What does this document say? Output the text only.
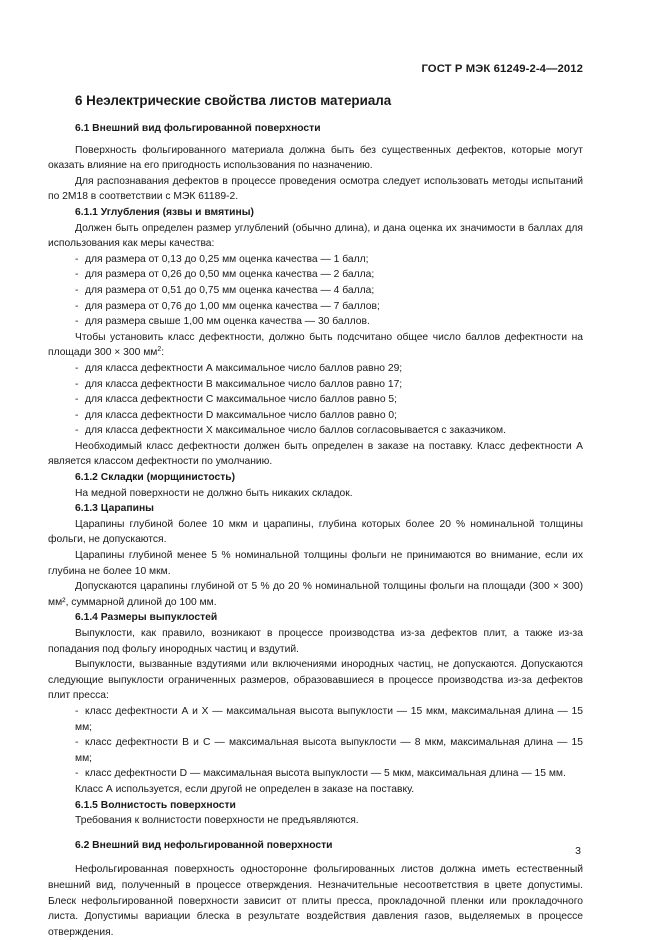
ГОСТ Р МЭК 61249-2-4—2012
6 Неэлектрические свойства листов материала
6.1 Внешний вид фольгированной поверхности

Поверхность фольгированного материала должна быть без существенных дефектов, которые могут оказать влияние на его пригодность использования по назначению.

Для распознавания дефектов в процессе проведения осмотра следует использовать методы испытаний по 2М18 в соответствии с МЭК 61189-2.

6.1.1 Углубления (язвы и вмятины)

Должен быть определен размер углублений (обычно длина), и дана оценка их значимости в баллах для использования как меры качества:

- для размера от 0,13 до 0,25 мм оценка качества — 1 балл;
- для размера от 0,26 до 0,50 мм оценка качества — 2 балла;
- для размера от 0,51 до 0,75 мм оценка качества — 4 балла;
- для размера от 0,76 до 1,00 мм оценка качества — 7 баллов;
- для размера свыше 1,00 мм оценка качества — 30 баллов.

Чтобы установить класс дефектности, должно быть подсчитано общее число баллов дефектности на площади 300 × 300 $мм^2$:

- для класса дефектности А максимальное число баллов равно 29;
- для класса дефектности В максимальное число баллов равно 17;
- для класса дефектности С максимальное число баллов равно 5;
- для класса дефектности D максимальное число баллов равно 0;
- для класса дефектности Х максимальное число баллов согласовывается с заказчиком.

Необходимый класс дефектности должен быть определен в заказе на поставку. Класс дефектности А является классом дефектности по умолчанию.

6.1.2 Складки (морщинистость)

На медной поверхности не должно быть никаких складок.

6.1.3 Царапины

Царапины глубиной более 10 мкм и царапины, глубина которых более 20 % номинальной толщины фольги, не допускаются.

Царапины глубиной менее 5 % номинальной толщины фольги не принимаются во внимание, если их глубина не более 10 мкм.

Допускаются царапины глубиной от 5 % до 20 % номинальной толщины фольги на площади (300 × 300) мм², суммарной длиной до 100 мм.

6.1.4 Размеры выпуклостей

Выпуклости, как правило, возникают в процессе производства из-за дефектов плит, а также из-за попадания под фольгу инородных частиц и вздутий.

Выпуклости, вызванные вздутиями или включениями инородных частиц, не допускаются. Допускаются следующие выпуклости ограниченных размеров, образовавшиеся в процессе производства из-за дефектов плит пресса:

- класс дефектности А и Х — максимальная высота выпуклости — 15 мкм, максимальная длина — 15 мм;
- класс дефектности В и С — максимальная высота выпуклости — 8 мкм, максимальная длина — 15 мм;
- класс дефектности D — максимальная высота выпуклости — 5 мкм, максимальная длина — 15 мм.

Класс А используется, если другой не определен в заказе на поставку.

6.1.5 Волнистость поверхности

Требования к волнистости поверхности не предъявляются.

6.2 Внешний вид нефольгированной поверхности

Нефольгированная поверхность односторонне фольгированных листов должна иметь естественный внешний вид, полученный в процессе отверждения. Незначительные несоответствия в цвете допустимы. Блеск нефольгированной поверхности зависит от плиты пресса, прокладочной пленки или прокладочного листа. Допустимы вариации блеска в результате воздействия давления газов, выделяемых в процессе отверждения.

3
